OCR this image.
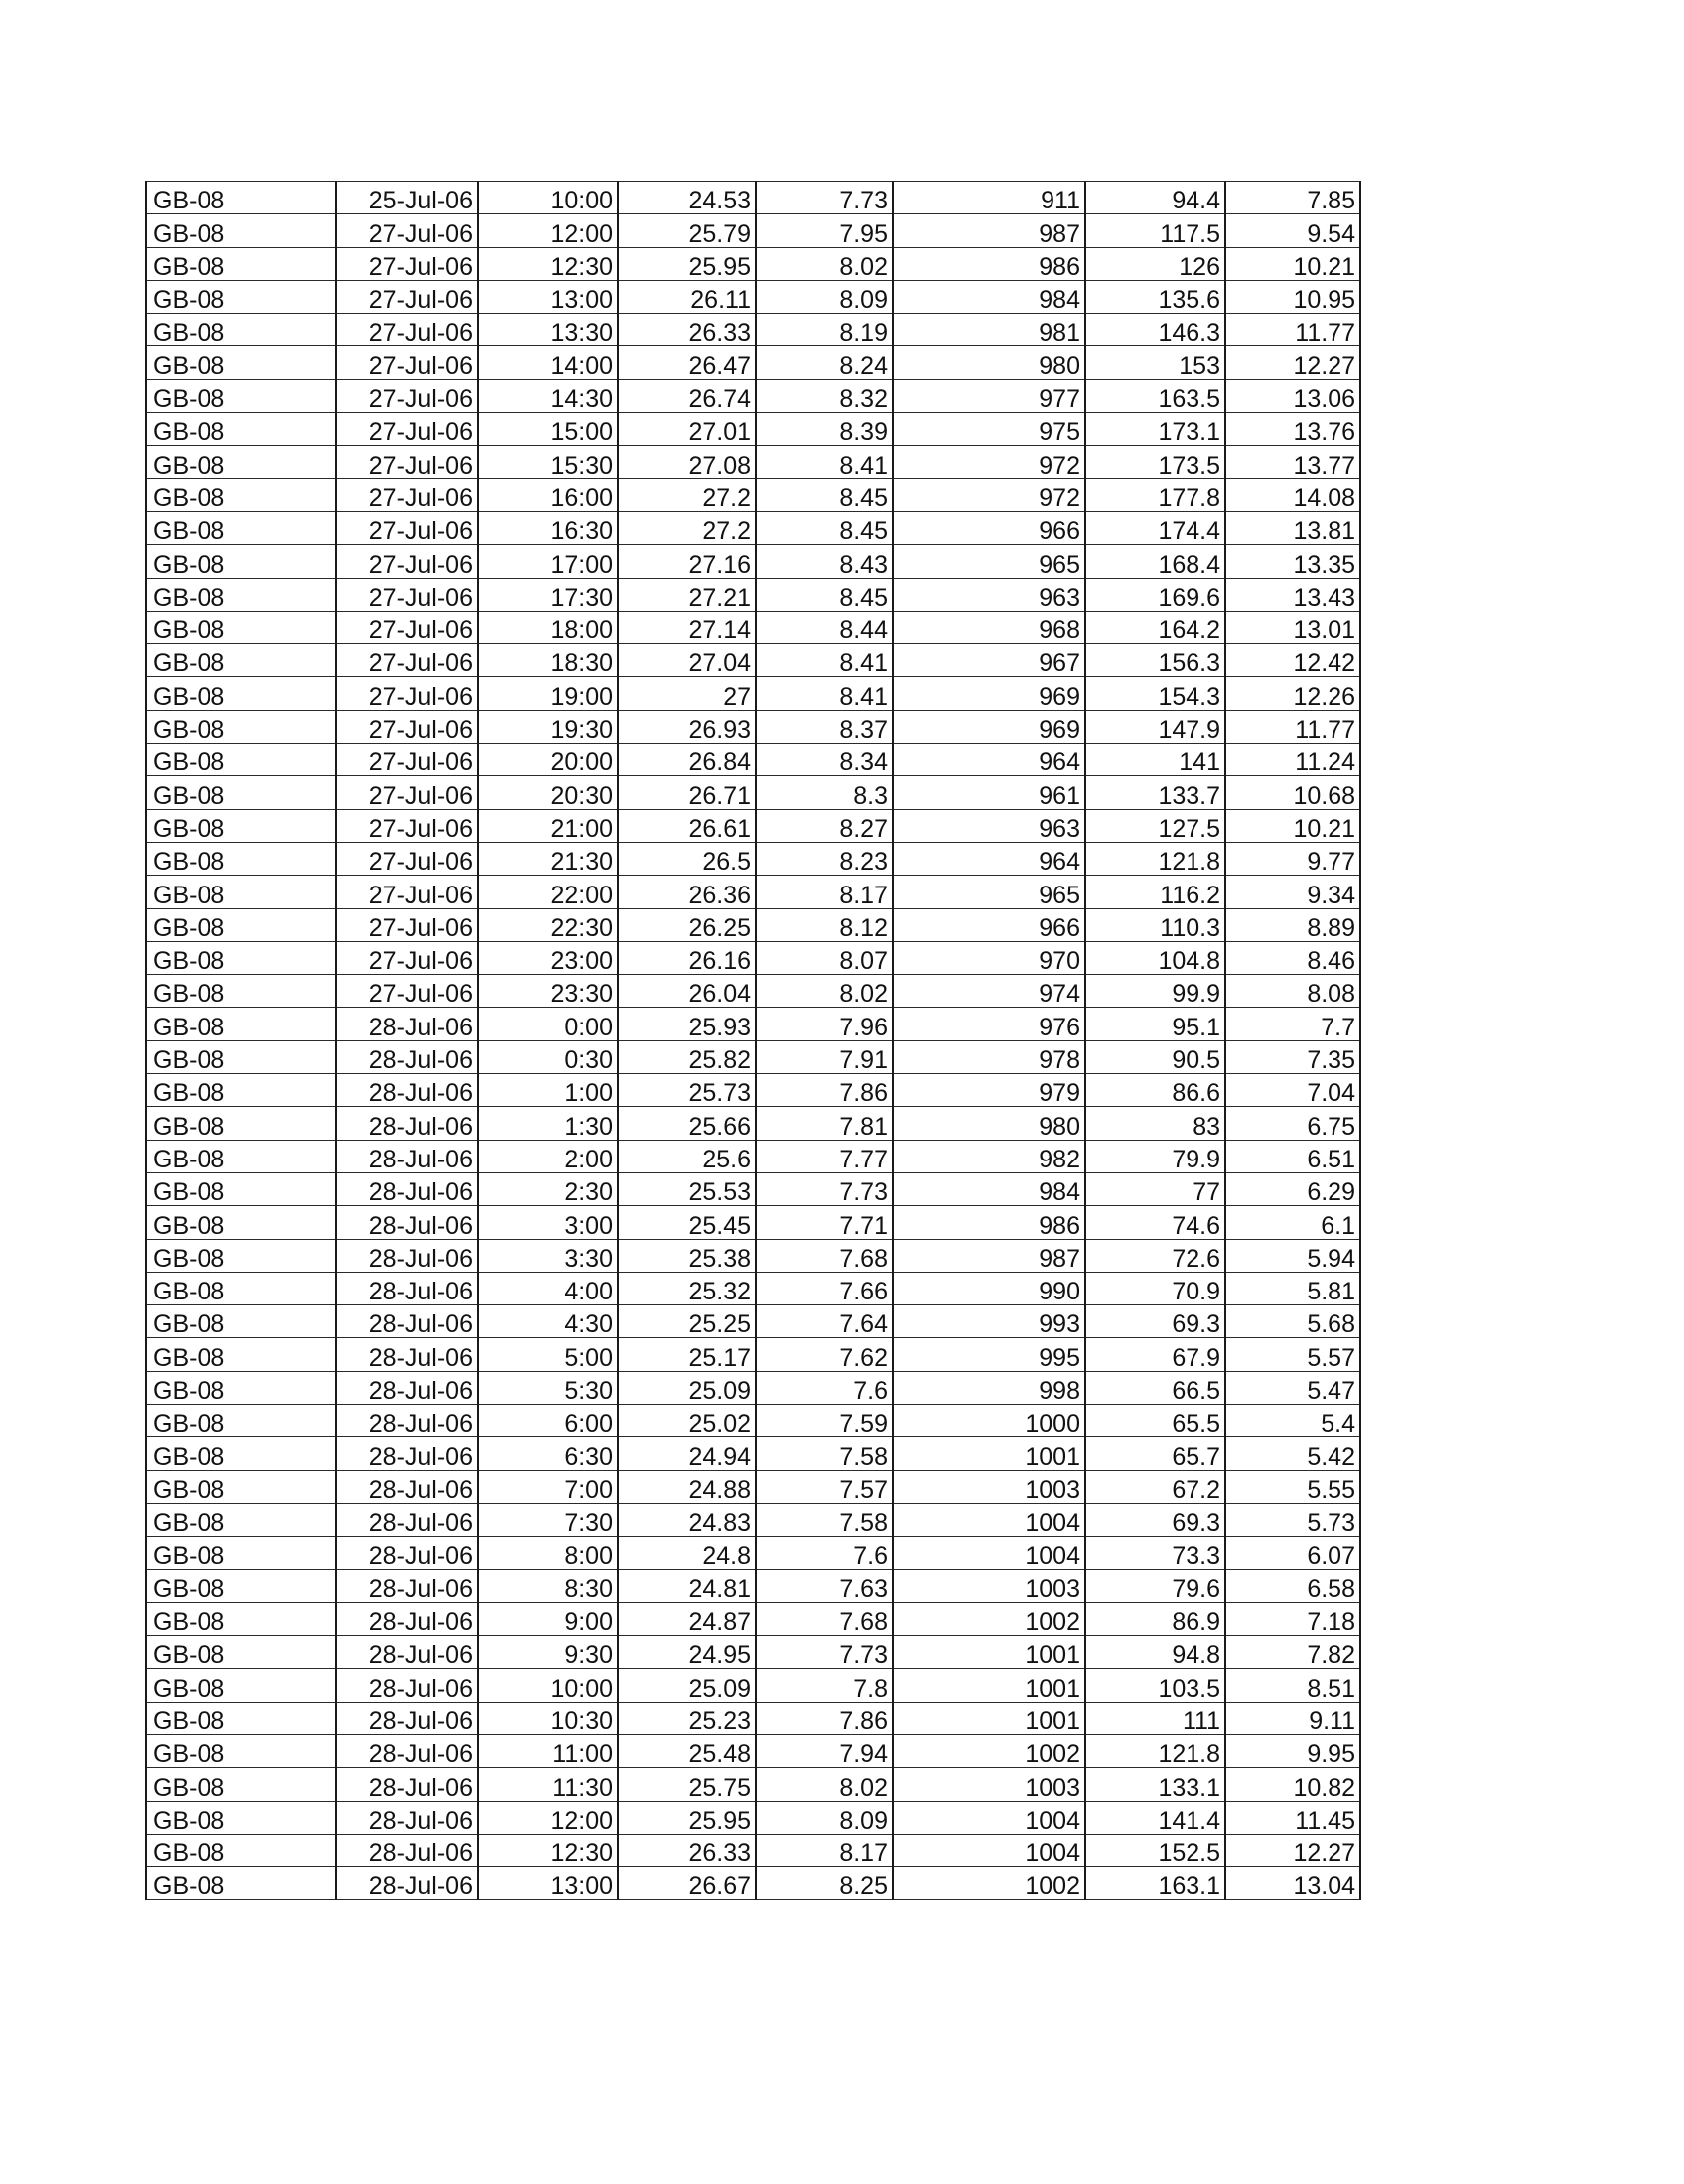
GB-08	25-Jul-06	10:00	24.53	7.73	911	94.4	7.85
GB-08	27-Jul-06	12:00	25.79	7.95	987	117.5	9.54
GB-08	27-Jul-06	12:30	25.95	8.02	986	126	10.21
GB-08	27-Jul-06	13:00	26.11	8.09	984	135.6	10.95
GB-08	27-Jul-06	13:30	26.33	8.19	981	146.3	11.77
GB-08	27-Jul-06	14:00	26.47	8.24	980	153	12.27
GB-08	27-Jul-06	14:30	26.74	8.32	977	163.5	13.06
GB-08	27-Jul-06	15:00	27.01	8.39	975	173.1	13.76
GB-08	27-Jul-06	15:30	27.08	8.41	972	173.5	13.77
GB-08	27-Jul-06	16:00	27.2	8.45	972	177.8	14.08
GB-08	27-Jul-06	16:30	27.2	8.45	966	174.4	13.81
GB-08	27-Jul-06	17:00	27.16	8.43	965	168.4	13.35
GB-08	27-Jul-06	17:30	27.21	8.45	963	169.6	13.43
GB-08	27-Jul-06	18:00	27.14	8.44	968	164.2	13.01
GB-08	27-Jul-06	18:30	27.04	8.41	967	156.3	12.42
GB-08	27-Jul-06	19:00	27	8.41	969	154.3	12.26
GB-08	27-Jul-06	19:30	26.93	8.37	969	147.9	11.77
GB-08	27-Jul-06	20:00	26.84	8.34	964	141	11.24
GB-08	27-Jul-06	20:30	26.71	8.3	961	133.7	10.68
GB-08	27-Jul-06	21:00	26.61	8.27	963	127.5	10.21
GB-08	27-Jul-06	21:30	26.5	8.23	964	121.8	9.77
GB-08	27-Jul-06	22:00	26.36	8.17	965	116.2	9.34
GB-08	27-Jul-06	22:30	26.25	8.12	966	110.3	8.89
GB-08	27-Jul-06	23:00	26.16	8.07	970	104.8	8.46
GB-08	27-Jul-06	23:30	26.04	8.02	974	99.9	8.08
GB-08	28-Jul-06	0:00	25.93	7.96	976	95.1	7.7
GB-08	28-Jul-06	0:30	25.82	7.91	978	90.5	7.35
GB-08	28-Jul-06	1:00	25.73	7.86	979	86.6	7.04
GB-08	28-Jul-06	1:30	25.66	7.81	980	83	6.75
GB-08	28-Jul-06	2:00	25.6	7.77	982	79.9	6.51
GB-08	28-Jul-06	2:30	25.53	7.73	984	77	6.29
GB-08	28-Jul-06	3:00	25.45	7.71	986	74.6	6.1
GB-08	28-Jul-06	3:30	25.38	7.68	987	72.6	5.94
GB-08	28-Jul-06	4:00	25.32	7.66	990	70.9	5.81
GB-08	28-Jul-06	4:30	25.25	7.64	993	69.3	5.68
GB-08	28-Jul-06	5:00	25.17	7.62	995	67.9	5.57
GB-08	28-Jul-06	5:30	25.09	7.6	998	66.5	5.47
GB-08	28-Jul-06	6:00	25.02	7.59	1000	65.5	5.4
GB-08	28-Jul-06	6:30	24.94	7.58	1001	65.7	5.42
GB-08	28-Jul-06	7:00	24.88	7.57	1003	67.2	5.55
GB-08	28-Jul-06	7:30	24.83	7.58	1004	69.3	5.73
GB-08	28-Jul-06	8:00	24.8	7.6	1004	73.3	6.07
GB-08	28-Jul-06	8:30	24.81	7.63	1003	79.6	6.58
GB-08	28-Jul-06	9:00	24.87	7.68	1002	86.9	7.18
GB-08	28-Jul-06	9:30	24.95	7.73	1001	94.8	7.82
GB-08	28-Jul-06	10:00	25.09	7.8	1001	103.5	8.51
GB-08	28-Jul-06	10:30	25.23	7.86	1001	111	9.11
GB-08	28-Jul-06	11:00	25.48	7.94	1002	121.8	9.95
GB-08	28-Jul-06	11:30	25.75	8.02	1003	133.1	10.82
GB-08	28-Jul-06	12:00	25.95	8.09	1004	141.4	11.45
GB-08	28-Jul-06	12:30	26.33	8.17	1004	152.5	12.27
GB-08	28-Jul-06	13:00	26.67	8.25	1002	163.1	13.04
